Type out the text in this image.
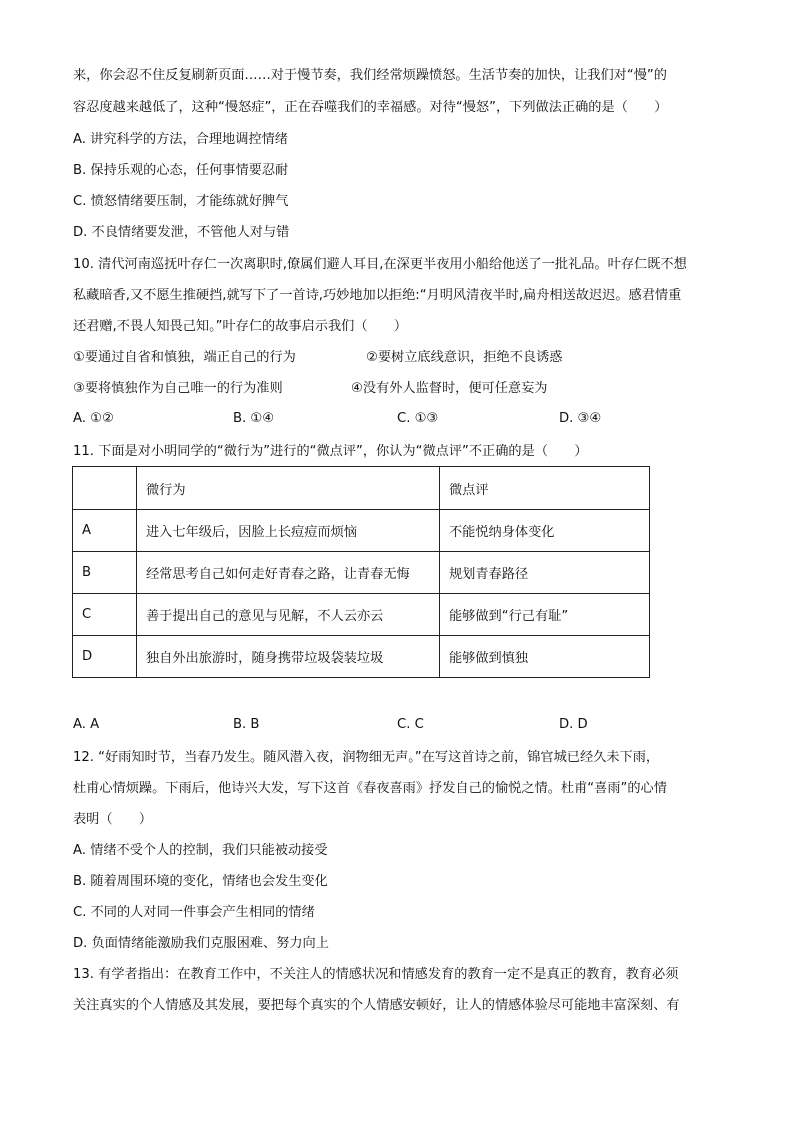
来，你会忍不住反复刷新页面……对于慢节奏，我们经常烦躁愤怒。生活节奏的加快，让我们对“慢”的
容忍度越来越低了，这种“慢怒症”，正在吞噬我们的幸福感。对待“慢怒”，下列做法正确的是（　　）
A. 讲究科学的方法，合理地调控情绪
B. 保持乐观的心态，任何事情要忍耐
C. 愤怒情绪要压制，才能练就好脾气
D. 不良情绪要发泄，不管他人对与错
10. 清代河南巡抚叶存仁一次离职时,僚属们避人耳目,在深更半夜用小船给他送了一批礼品。叶存仁既不想
私藏暗香,又不愿生推硬挡,就写下了一首诗,巧妙地加以拒绝:“月明风清夜半时,扁舟相送故迟迟。感君情重
还君赠,不畏人知畏己知。”叶存仁的故事启示我们（　　）
①要通过自省和慎独，端正自己的行为	②要树立底线意识，拒绝不良诱惑
③要将慎独作为自己唯一的行为准则	④没有外人监督时，便可任意妄为
A. ①②	B. ①④	C. ①③	D. ③④
11. 下面是对小明同学的“微行为”进行的“微点评”，你认为“微点评”不正确的是（　　）
	微行为	微点评
A	进入七年级后，因脸上长痘痘而烦恼	不能悦纳身体变化
B	经常思考自己如何走好青春之路，让青春无悔	规划青春路径
C	善于提出自己的意见与见解，不人云亦云	能够做到“行己有耻”
D	独自外出旅游时，随身携带垃圾袋装垃圾	能够做到慎独
A. A	B. B	C. C	D. D
12. “好雨知时节，当春乃发生。随风潜入夜，润物细无声。”在写这首诗之前，锦官城已经久未下雨，
杜甫心情烦躁。下雨后，他诗兴大发，写下这首《春夜喜雨》抒发自己的愉悦之情。杜甫“喜雨”的心情
表明（　　）
A. 情绪不受个人的控制，我们只能被动接受
B. 随着周围环境的变化，情绪也会发生变化
C. 不同的人对同一件事会产生相同的情绪
D. 负面情绪能激励我们克服困难、努力向上
13. 有学者指出：在教育工作中，不关注人的情感状况和情感发育的教育一定不是真正的教育，教育必须
关注真实的个人情感及其发展，要把每个真实的个人情感安顿好，让人的情感体验尽可能地丰富深刻、有
